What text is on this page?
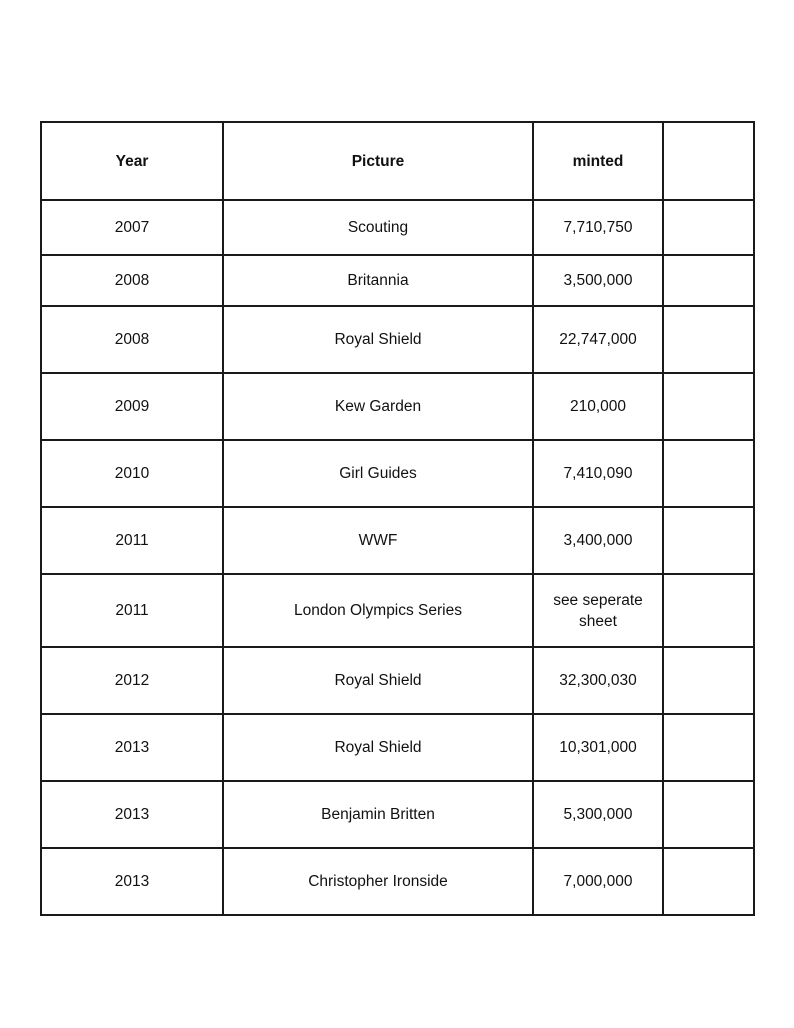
Year	Picture	minted	
2007	Scouting	7,710,750	
2008	Britannia	3,500,000	
2008	Royal Shield	22,747,000	
2009	Kew Garden	210,000	
2010	Girl Guides	7,410,090	
2011	WWF	3,400,000	
2011	London Olympics Series	see seperate sheet	
2012	Royal Shield	32,300,030	
2013	Royal Shield	10,301,000	
2013	Benjamin Britten	5,300,000	
2013	Christopher Ironside	7,000,000	
